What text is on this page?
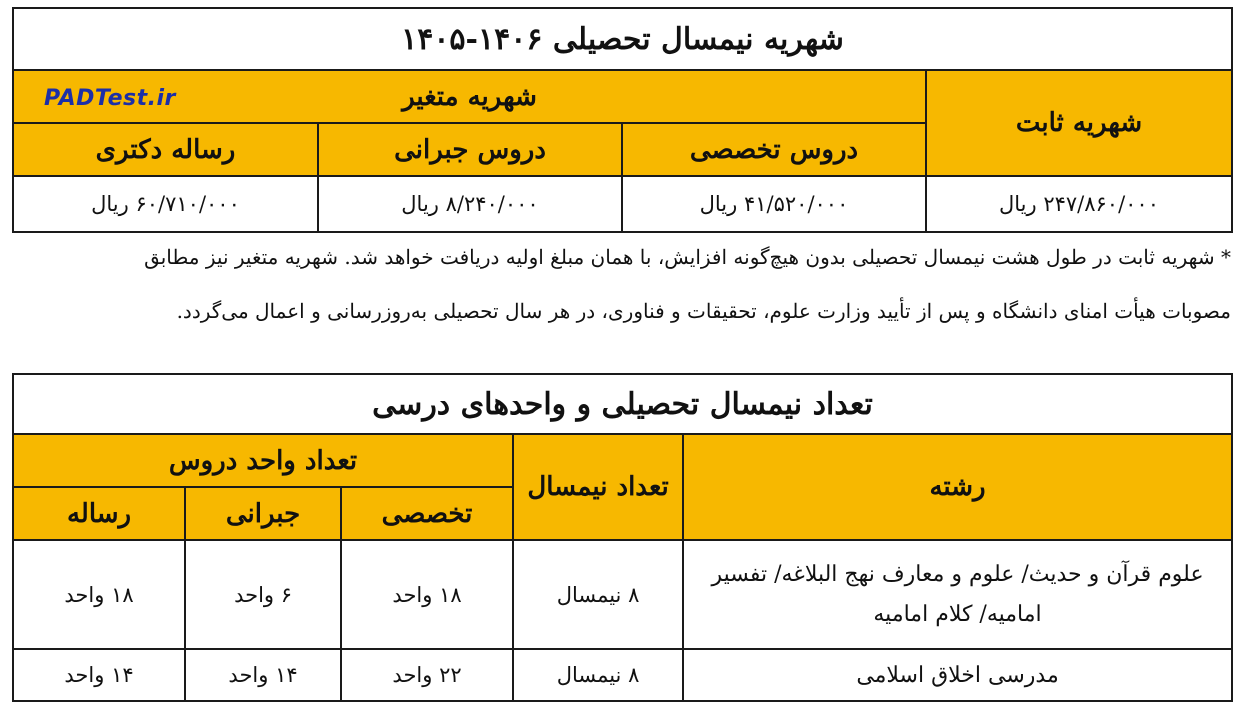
شهریه نیمسال تحصیلی ۱۴۰۶-۱۴۰۵			
شهریه ثابت	شهریه متغیر		
	دروس تخصصی	دروس جبرانی	رساله دکتری
۲۴۷/۸۶۰/۰۰۰ ریال	۴۱/۵۲۰/۰۰۰ ریال	۸/۲۴۰/۰۰۰ ریال	۶۰/۷۱۰/۰۰۰ ریال
PADTest.ir
* شهریه ثابت در طول هشت نیمسال تحصیلی بدون هیچ‌گونه افزایش، با همان مبلغ اولیه دریافت خواهد شد. شهریه متغیر نیز مطابق
مصوبات هیأت امنای دانشگاه و پس از تأیید وزارت علوم، تحقیقات و فناوری، در هر سال تحصیلی به‌روزرسانی و اعمال می‌گردد.
تعداد نیمسال تحصیلی و واحدهای درسی				
رشته	تعداد نیمسال	تعداد واحد دروس		
		تخصصی	جبرانی	رساله

علوم قرآن و حدیث/ علوم و معارف نهج البلاغه/ تفسیر
امامیه/ کلام امامیه	۸ نیمسال	۱۸ واحد	۶ واحد	۱۸ واحد
مدرسی اخلاق اسلامی	۸ نیمسال	۲۲ واحد	۱۴ واحد	۱۴ واحد
